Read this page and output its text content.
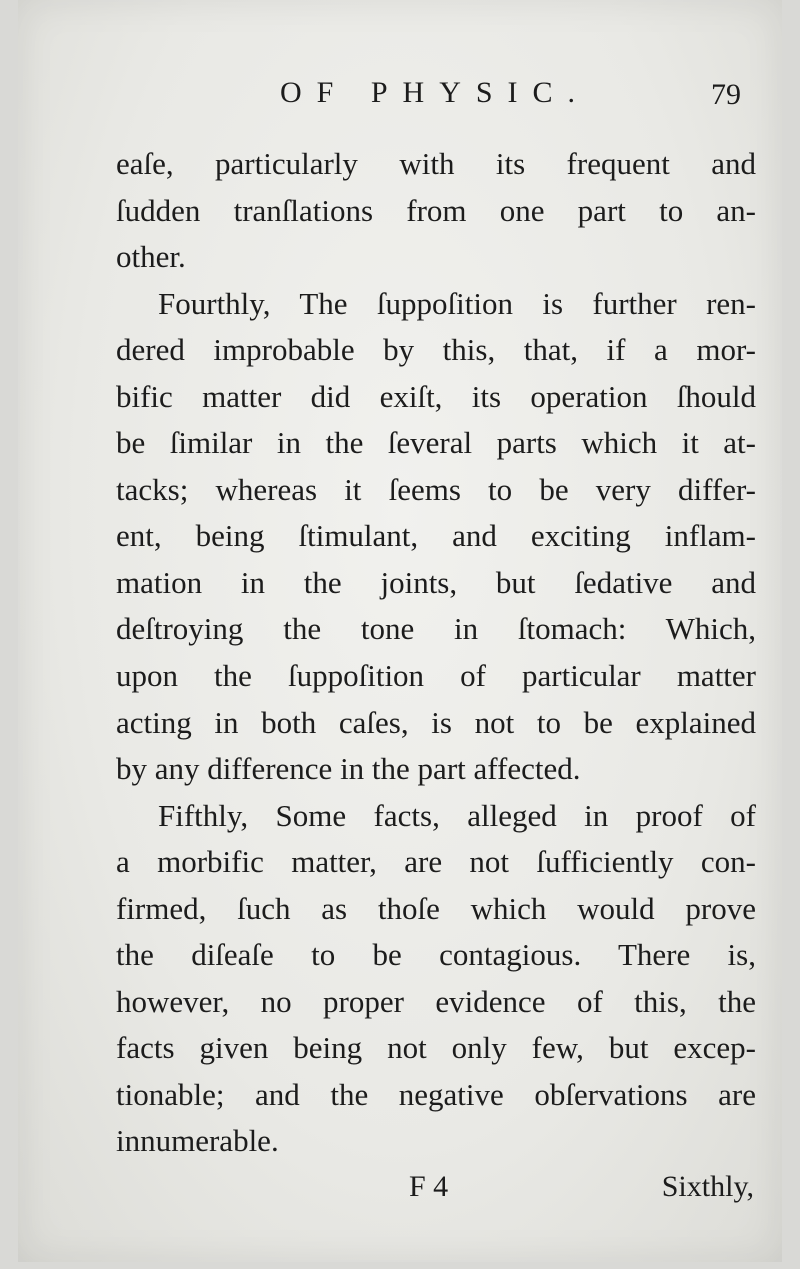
OF PHYSIC.	79
eaſe, particularly with its frequent and
ſudden tranſlations from one part to an-
other.
Fourthly, The ſuppoſition is further ren-
dered improbable by this, that, if a mor-
bific matter did exiſt, its operation ſhould
be ſimilar in the ſeveral parts which it at-
tacks; whereas it ſeems to be very differ-
ent, being ſtimulant, and exciting inflam-
mation in the joints, but ſedative and
deſtroying the tone in ſtomach: Which,
upon the ſuppoſition of particular matter
acting in both caſes, is not to be explained
by any difference in the part affected.
Fifthly, Some facts, alleged in proof of
a morbific matter, are not ſufficiently con-
firmed, ſuch as thoſe which would prove
the diſeaſe to be contagious. There is,
however, no proper evidence of this, the
facts given being not only few, but excep-
tionable; and the negative obſervations are
innumerable.
F 4	Sixthly,
